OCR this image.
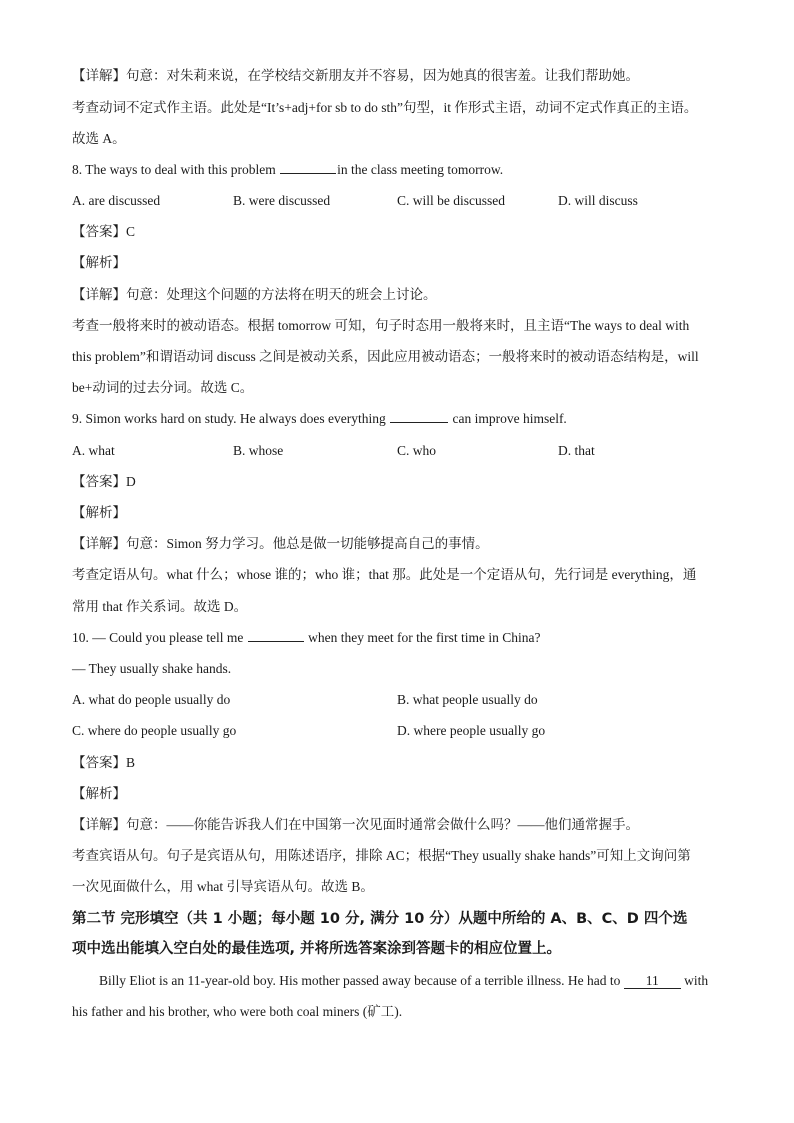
【详解】句意：对朱莉来说，在学校结交新朋友并不容易，因为她真的很害羞。让我们帮助她。
考查动词不定式作主语。此处是“It’s+adj+for sb to do sth”句型，it 作形式主语，动词不定式作真正的主语。
故选 A。
8. The ways to deal with this problem	in the class meeting tomorrow.
A. are discussed	B. were discussed	C. will be discussed	D. will discuss
【答案】C
【解析】
【详解】句意：处理这个问题的方法将在明天的班会上讨论。
考查一般将来时的被动语态。根据 tomorrow 可知，句子时态用一般将来时，且主语“The ways to deal with
this problem”和谓语动词 discuss 之间是被动关系，因此应用被动语态；一般将来时的被动语态结构是，will
be+动词的过去分词。故选 C。
9. Simon works hard on study. He always does everything	can improve himself.
A. what	B. whose	C. who	D. that
【答案】D
【解析】
【详解】句意：Simon 努力学习。他总是做一切能够提高自己的事情。
考查定语从句。what 什么；whose 谁的；who 谁；that 那。此处是一个定语从句，先行词是 everything，通
常用 that 作关系词。故选 D。
10. — Could you please tell me	when they meet for the first time in China?
— They usually shake hands.
A. what do people usually do	B. what people usually do
C. where do people usually go	D. where people usually go
【答案】B
【解析】
【详解】句意：——你能告诉我人们在中国第一次见面时通常会做什么吗？——他们通常握手。
考查宾语从句。句子是宾语从句，用陈述语序，排除 AC；根据“They usually shake hands”可知上文询问第
一次见面做什么，用 what 引导宾语从句。故选 B。
第二节 完形填空（共 1 小题；每小题 10 分, 满分 10 分）从题中所给的 A、B、C、D 四个选
项中选出能填入空白处的最佳选项, 并将所选答案涂到答题卡的相应位置上。
Billy Eliot is an 11-year-old boy. His mother passed away because of a terrible illness. He had to 11 with
his father and his brother, who were both coal miners (矿工).
